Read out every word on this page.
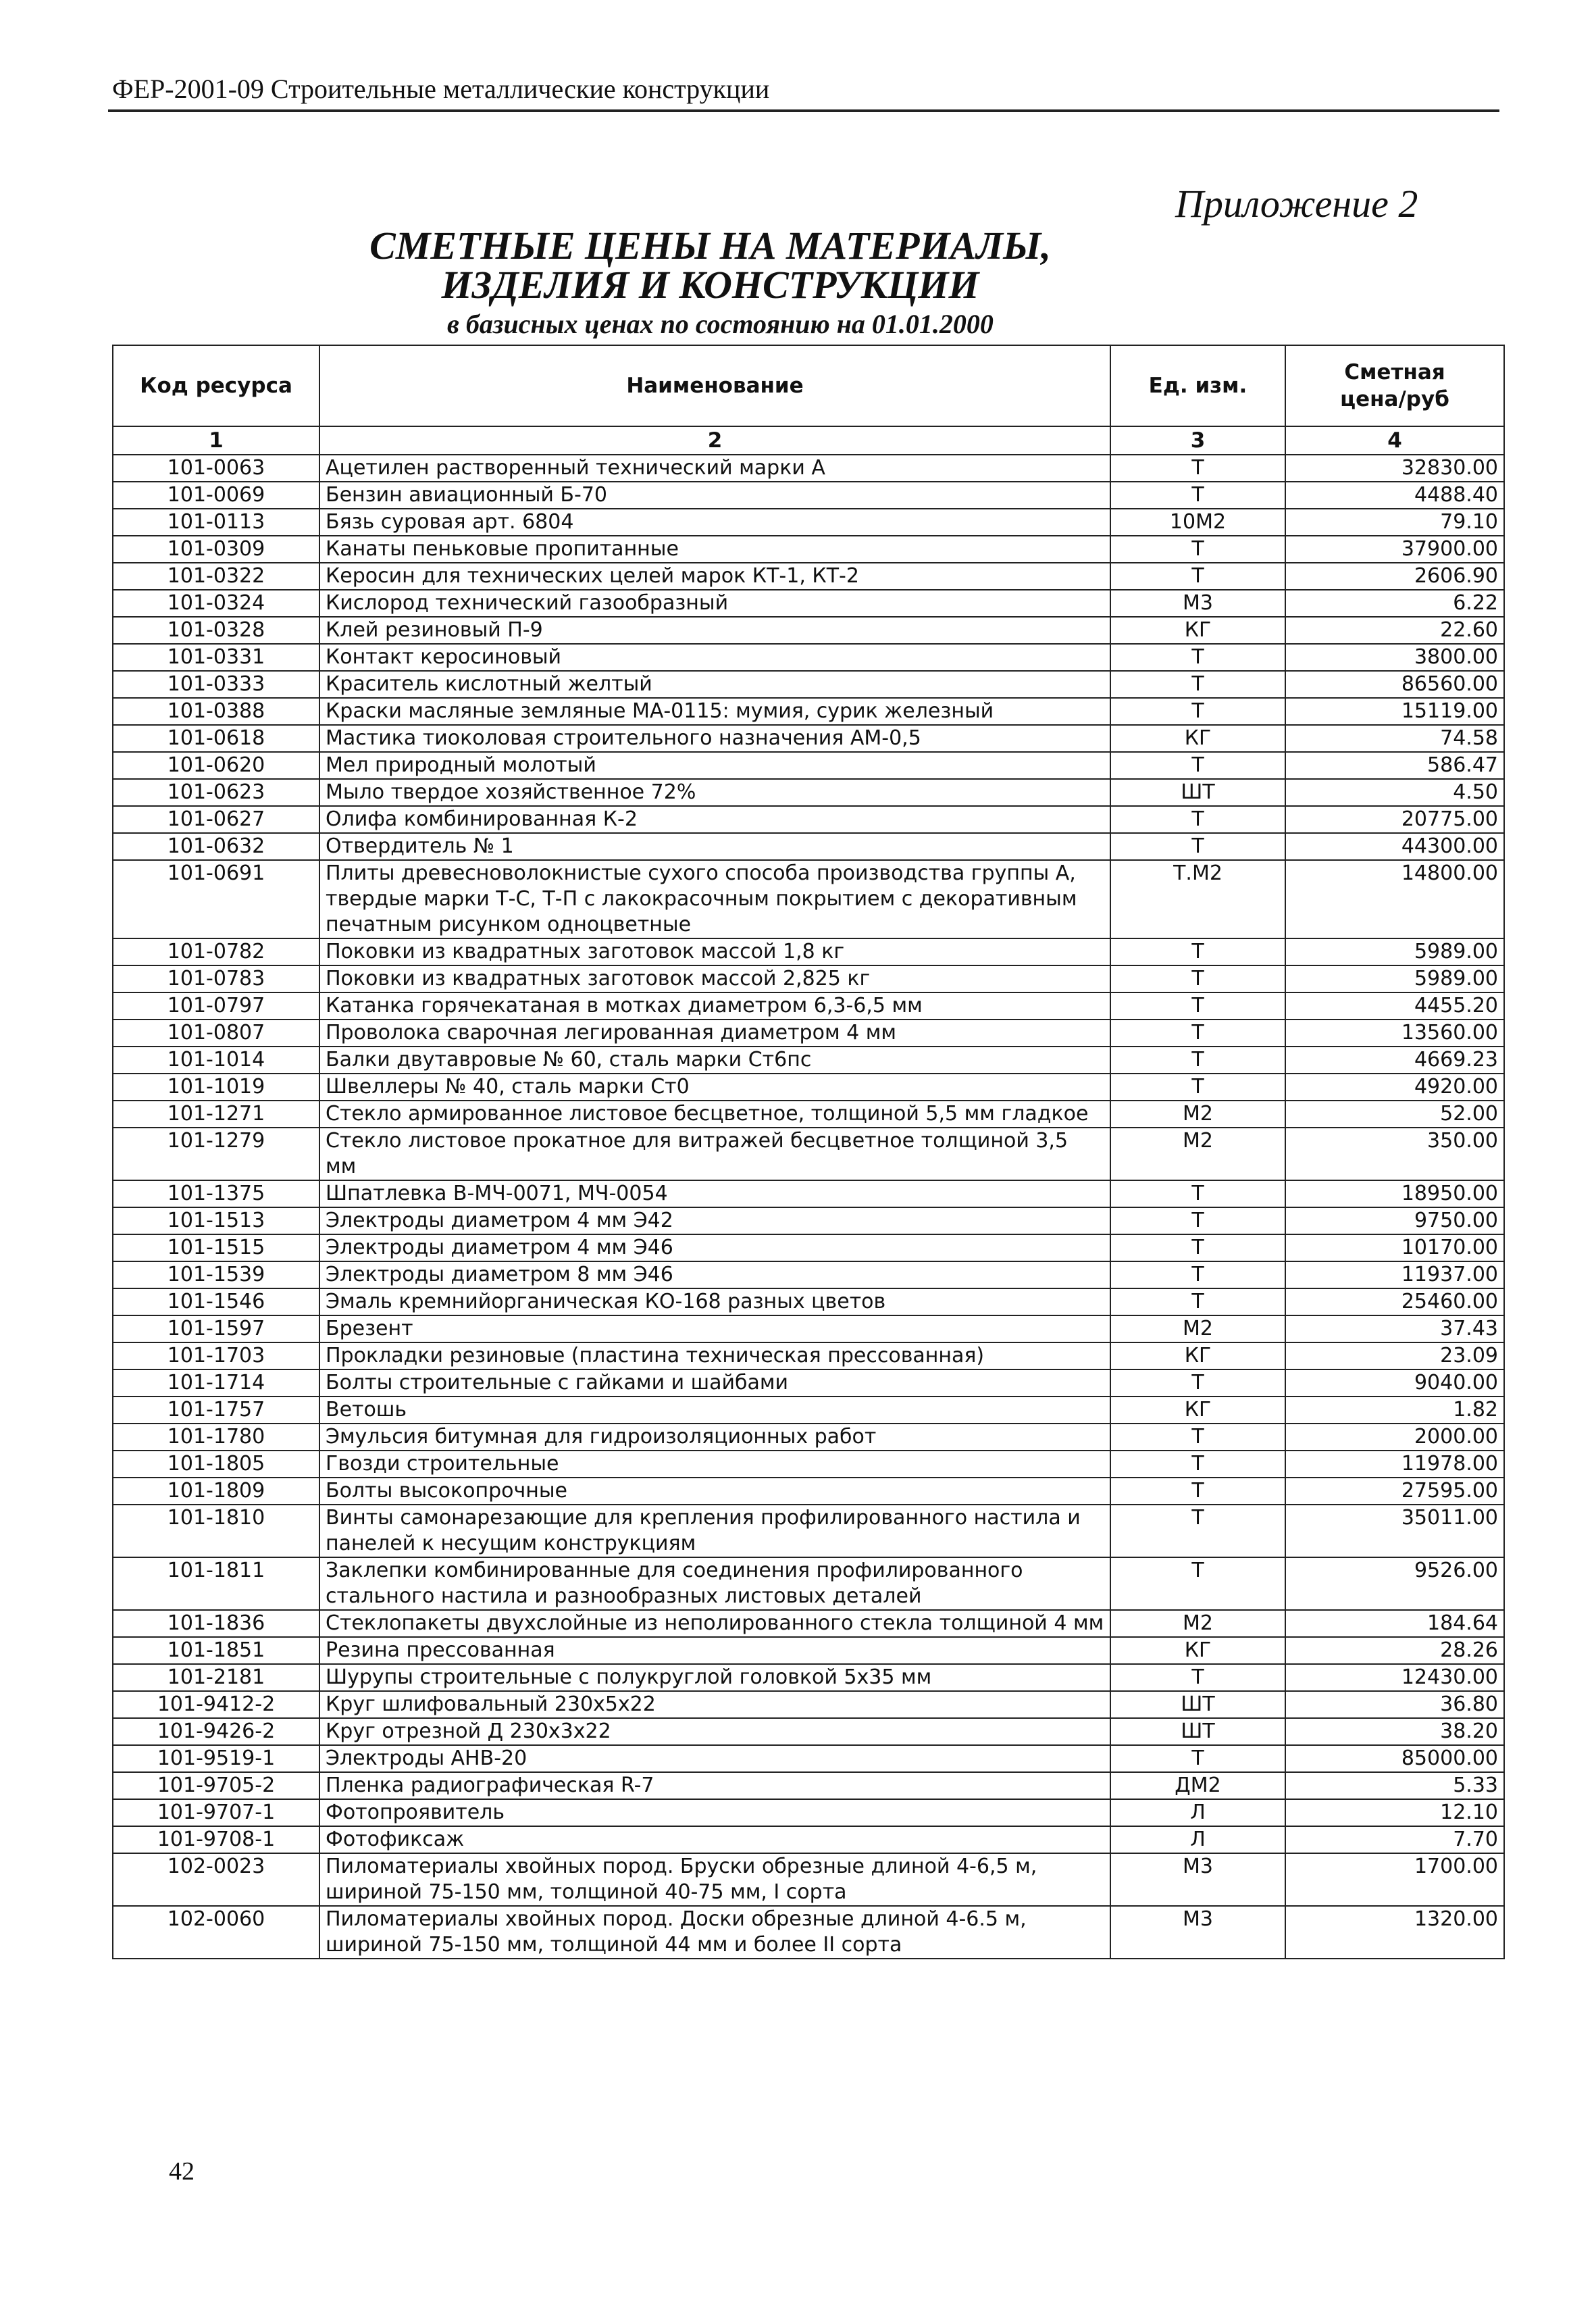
ФЕР-2001-09 Строительные металлические конструкции
Приложение 2
СМЕТНЫЕ ЦЕНЫ НА МАТЕРИАЛЫ,
ИЗДЕЛИЯ И КОНСТРУКЦИИ
в базисных ценах по состоянию на 01.01.2000
Код ресурса	Наименование	Ед. изм.	Сметная цена/руб
1	2	3	4
101-0063	Ацетилен растворенный технический марки А	Т	32830.00
101-0069	Бензин авиационный Б-70	Т	4488.40
101-0113	Бязь суровая арт. 6804	10М2	79.10
101-0309	Канаты пеньковые пропитанные	Т	37900.00
101-0322	Керосин для технических целей марок КТ-1, КТ-2	Т	2606.90
101-0324	Кислород технический газообразный	М3	6.22
101-0328	Клей резиновый П-9	КГ	22.60
101-0331	Контакт керосиновый	Т	3800.00
101-0333	Краситель кислотный желтый	Т	86560.00
101-0388	Краски масляные земляные МА-0115: мумия, сурик железный	Т	15119.00
101-0618	Мастика тиоколовая строительного назначения АМ-0,5	КГ	74.58
101-0620	Мел природный молотый	Т	586.47
101-0623	Мыло твердое хозяйственное 72%	ШТ	4.50
101-0627	Олифа комбинированная К-2	Т	20775.00
101-0632	Отвердитель № 1	Т	44300.00
101-0691	Плиты древесноволокнистые сухого способа производства группы А, твердые марки Т-С, Т-П с лакокрасочным покрытием с декоративным печатным рисунком одноцветные	Т.М2	14800.00
101-0782	Поковки из квадратных заготовок массой 1,8 кг	Т	5989.00
101-0783	Поковки из квадратных заготовок массой 2,825 кг	Т	5989.00
101-0797	Катанка горячекатаная в мотках диаметром 6,3-6,5 мм	Т	4455.20
101-0807	Проволока сварочная легированная диаметром 4 мм	Т	13560.00
101-1014	Балки двутавровые № 60, сталь марки Ст6пс	Т	4669.23
101-1019	Швеллеры № 40, сталь марки Ст0	Т	4920.00
101-1271	Стекло армированное листовое бесцветное, толщиной 5,5 мм гладкое	М2	52.00
101-1279	Стекло листовое прокатное для витражей бесцветное толщиной 3,5 мм	М2	350.00
101-1375	Шпатлевка В-МЧ-0071, МЧ-0054	Т	18950.00
101-1513	Электроды диаметром 4 мм Э42	Т	9750.00
101-1515	Электроды диаметром 4 мм Э46	Т	10170.00
101-1539	Электроды диаметром 8 мм Э46	Т	11937.00
101-1546	Эмаль кремнийорганическая КО-168 разных цветов	Т	25460.00
101-1597	Брезент	М2	37.43
101-1703	Прокладки резиновые (пластина техническая прессованная)	КГ	23.09
101-1714	Болты строительные с гайками и шайбами	Т	9040.00
101-1757	Ветошь	КГ	1.82
101-1780	Эмульсия битумная для гидроизоляционных работ	Т	2000.00
101-1805	Гвозди строительные	Т	11978.00
101-1809	Болты высокопрочные	Т	27595.00
101-1810	Винты самонарезающие для крепления профилированного настила и панелей к несущим конструкциям	Т	35011.00
101-1811	Заклепки комбинированные для соединения профилированного стального настила и разнообразных листовых деталей	Т	9526.00
101-1836	Стеклопакеты двухслойные из неполированного стекла толщиной 4 мм	М2	184.64
101-1851	Резина прессованная	КГ	28.26
101-2181	Шурупы строительные с полукруглой головкой 5х35 мм	Т	12430.00
101-9412-2	Круг шлифовальный 230х5х22	ШТ	36.80
101-9426-2	Круг отрезной Д 230х3х22	ШТ	38.20
101-9519-1	Электроды АНВ-20	Т	85000.00
101-9705-2	Пленка радиографическая R-7	ДМ2	5.33
101-9707-1	Фотопроявитель	Л	12.10
101-9708-1	Фотофиксаж	Л	7.70
102-0023	Пиломатериалы хвойных пород. Бруски обрезные длиной 4-6,5 м, шириной 75-150 мм, толщиной 40-75 мм, I сорта	М3	1700.00
102-0060	Пиломатериалы хвойных пород. Доски обрезные длиной 4-6.5 м, шириной 75-150 мм, толщиной 44 мм и более II сорта	М3	1320.00
42
